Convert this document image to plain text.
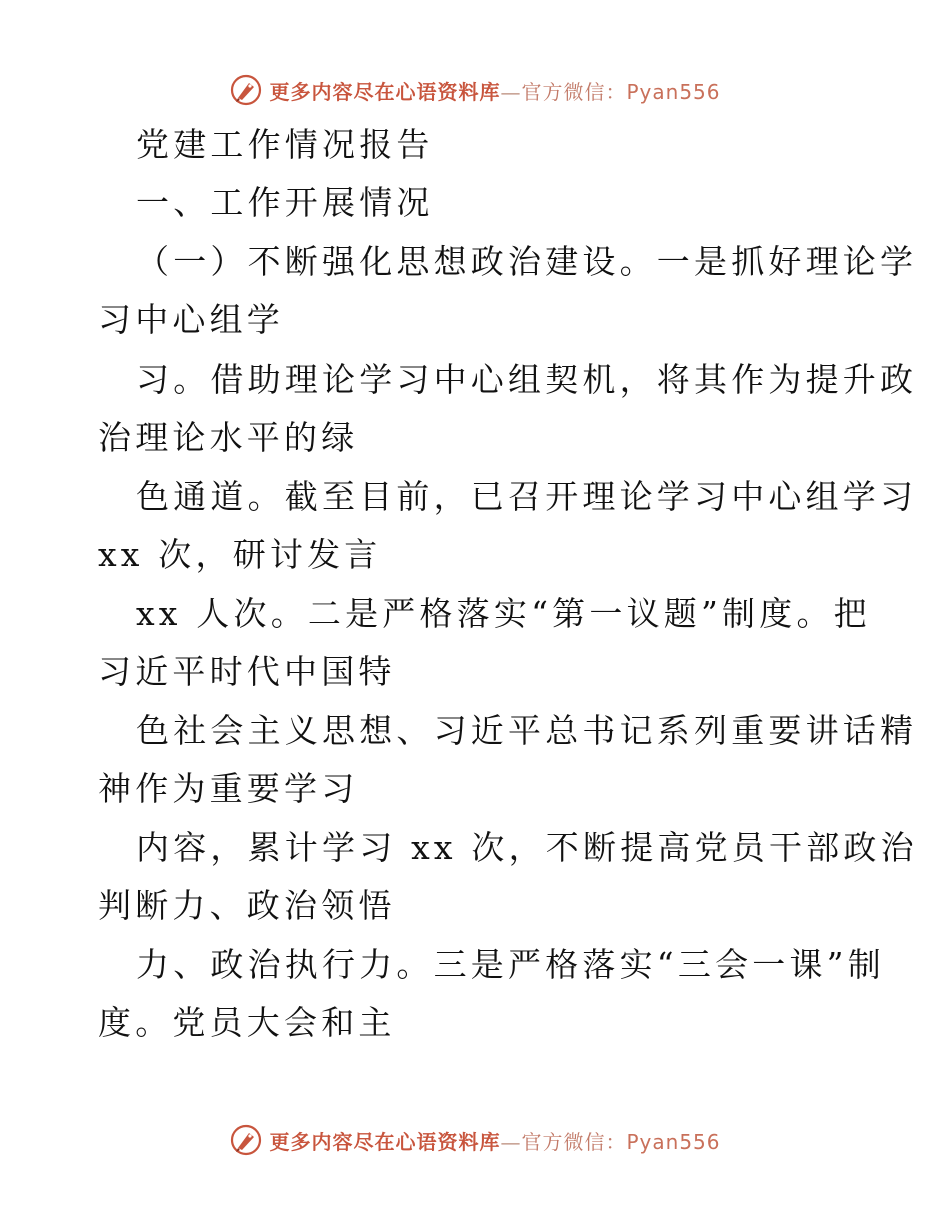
更多内容尽在心语资料库—官方微信：Pyan556
党建工作情况报告
一、工作开展情况
（一）不断强化思想政治建设。一是抓好理论学
习中心组学
习。借助理论学习中心组契机，将其作为提升政
治理论水平的绿
色通道。截至目前，已召开理论学习中心组学习
xx 次，研讨发言
xx 人次。二是严格落实“第一议题”制度。把
习近平时代中国特
色社会主义思想、习近平总书记系列重要讲话精
神作为重要学习
内容，累计学习 xx 次，不断提高党员干部政治
判断力、政治领悟
力、政治执行力。三是严格落实“三会一课”制
度。党员大会和主
更多内容尽在心语资料库—官方微信：Pyan556
